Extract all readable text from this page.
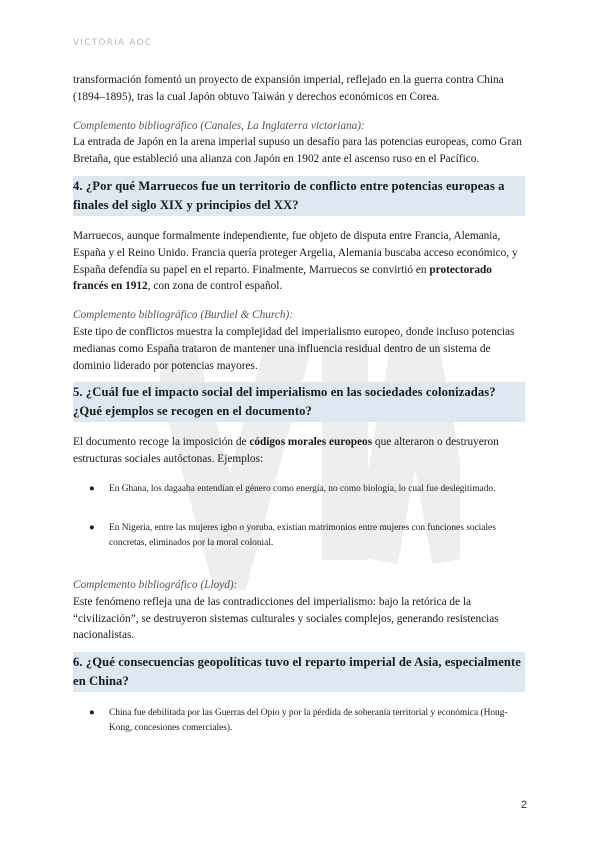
VICTORIA AOC

transformación fomentó un proyecto de expansión imperial, reflejado en la guerra contra China (1894–1895), tras la cual Japón obtuvo Taiwán y derechos económicos en Corea.

Complemento bibliográfico (Canales, La Inglaterra victoriana):

La entrada de Japón en la arena imperial supuso un desafío para las potencias europeas, como Gran Bretaña, que estableció una alianza con Japón en 1902 ante el ascenso ruso en el Pacífico.

4. ¿Por qué Marruecos fue un territorio de conflicto entre potencias europeas a finales del siglo XIX y principios del XX?

Marruecos, aunque formalmente independiente, fue objeto de disputa entre Francia, Alemania, España y el Reino Unido. Francia quería proteger Argelia, Alemania buscaba acceso económico, y España defendía su papel en el reparto. Finalmente, Marruecos se convirtió en protectorado francés en 1912, con zona de control español.

Complemento bibliográfico (Burdiel & Church):

Este tipo de conflictos muestra la complejidad del imperialismo europeo, donde incluso potencias medianas como España trataron de mantener una influencia residual dentro de un sistema de dominio liderado por potencias mayores.

5. ¿Cuál fue el impacto social del imperialismo en las sociedades colonizadas? ¿Qué ejemplos se recogen en el documento?

El documento recoge la imposición de códigos morales europeos que alteraron o destruyeron estructuras sociales autóctonas. Ejemplos:

● En Ghana, los dagaaba entendían el género como energía, no como biología, lo cual fue deslegitimado.
● En Nigeria, entre las mujeres igbo o yoruba, existían matrimonios entre mujeres con funciones sociales concretas, eliminados por la moral colonial.

Complemento bibliográfico (Lloyd):

Este fenómeno refleja una de las contradicciones del imperialismo: bajo la retórica de la “civilización”, se destruyeron sistemas culturales y sociales complejos, generando resistencias nacionalistas.

6. ¿Qué consecuencias geopolíticas tuvo el reparto imperial de Asia, especialmente en China?
● China fue debilitada por las Guerras del Opio y por la pérdida de soberanía territorial y económica (Hong-Kong, concesiones comerciales).
2
